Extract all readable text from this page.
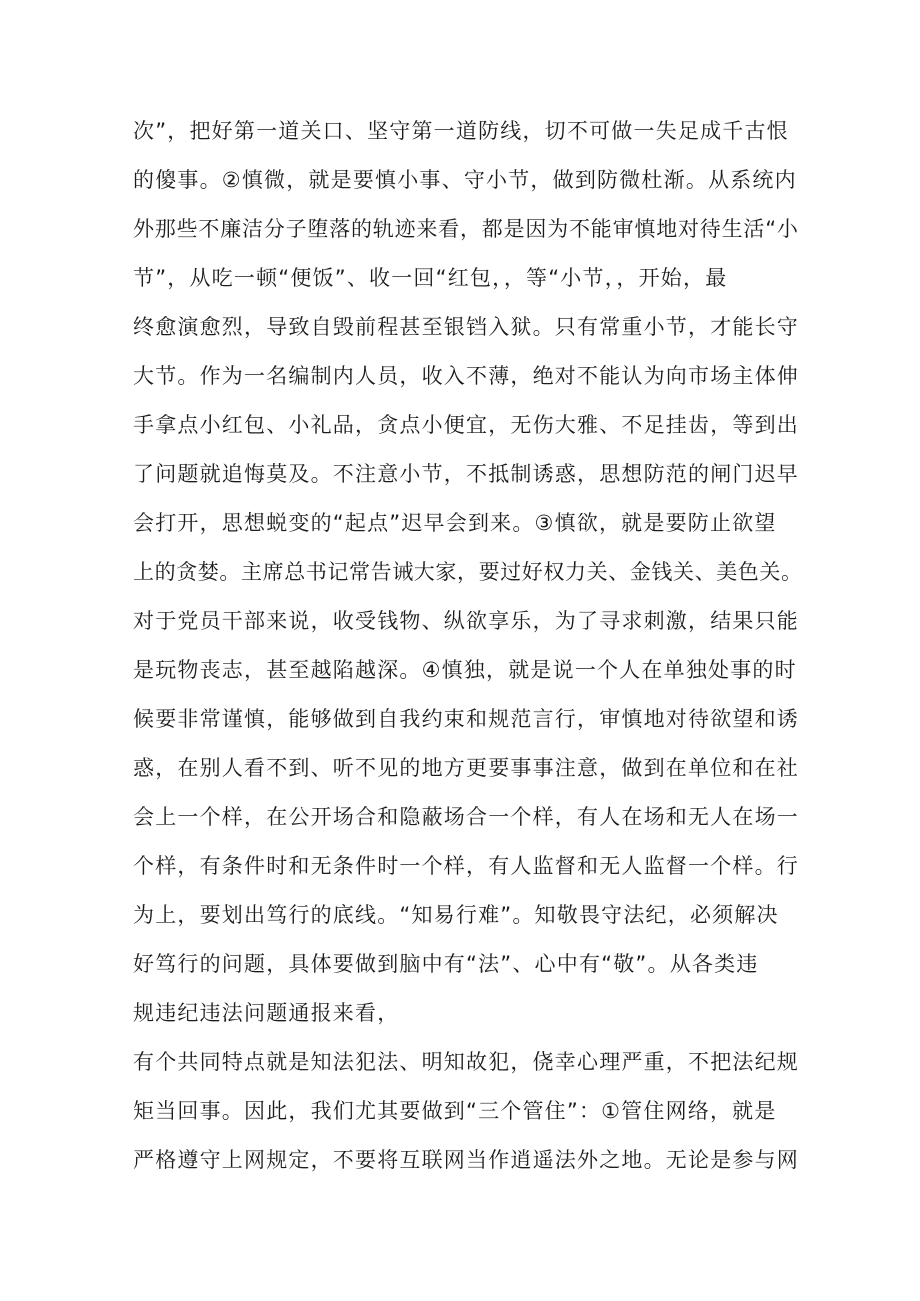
次”，把好第一道关口、坚守第一道防线，切不可做一失足成千古恨
的傻事。②慎微，就是要慎小事、守小节，做到防微杜渐。从系统内
外那些不廉洁分子堕落的轨迹来看，都是因为不能审慎地对待生活“小
节”，从吃一顿“便饭”、收一回“红包，，等“小节，，开始，最
终愈演愈烈，导致自毁前程甚至银铛入狱。只有常重小节，才能长守
大节。作为一名编制内人员，收入不薄，绝对不能认为向市场主体伸
手拿点小红包、小礼品，贪点小便宜，无伤大雅、不足挂齿，等到出
了问题就追悔莫及。不注意小节，不抵制诱惑，思想防范的闸门迟早
会打开，思想蜕变的“起点”迟早会到来。③慎欲，就是要防止欲望
上的贪婪。主席总书记常告诫大家，要过好权力关、金钱关、美色关。
对于党员干部来说，收受钱物、纵欲享乐，为了寻求刺激，结果只能
是玩物丧志，甚至越陷越深。④慎独，就是说一个人在单独处事的时
候要非常谨慎，能够做到自我约束和规范言行，审慎地对待欲望和诱
惑，在别人看不到、听不见的地方更要事事注意，做到在单位和在社
会上一个样，在公开场合和隐蔽场合一个样，有人在场和无人在场一
个样，有条件时和无条件时一个样，有人监督和无人监督一个样。行
为上，要划出笃行的底线。“知易行难”。知敬畏守法纪，必须解决
好笃行的问题，具体要做到脑中有“法”、心中有“敬”。从各类违
规违纪违法问题通报来看，
有个共同特点就是知法犯法、明知故犯，侥幸心理严重，不把法纪规
矩当回事。因此，我们尤其要做到“三个管住”：①管住网络，就是
严格遵守上网规定，不要将互联网当作逍遥法外之地。无论是参与网
